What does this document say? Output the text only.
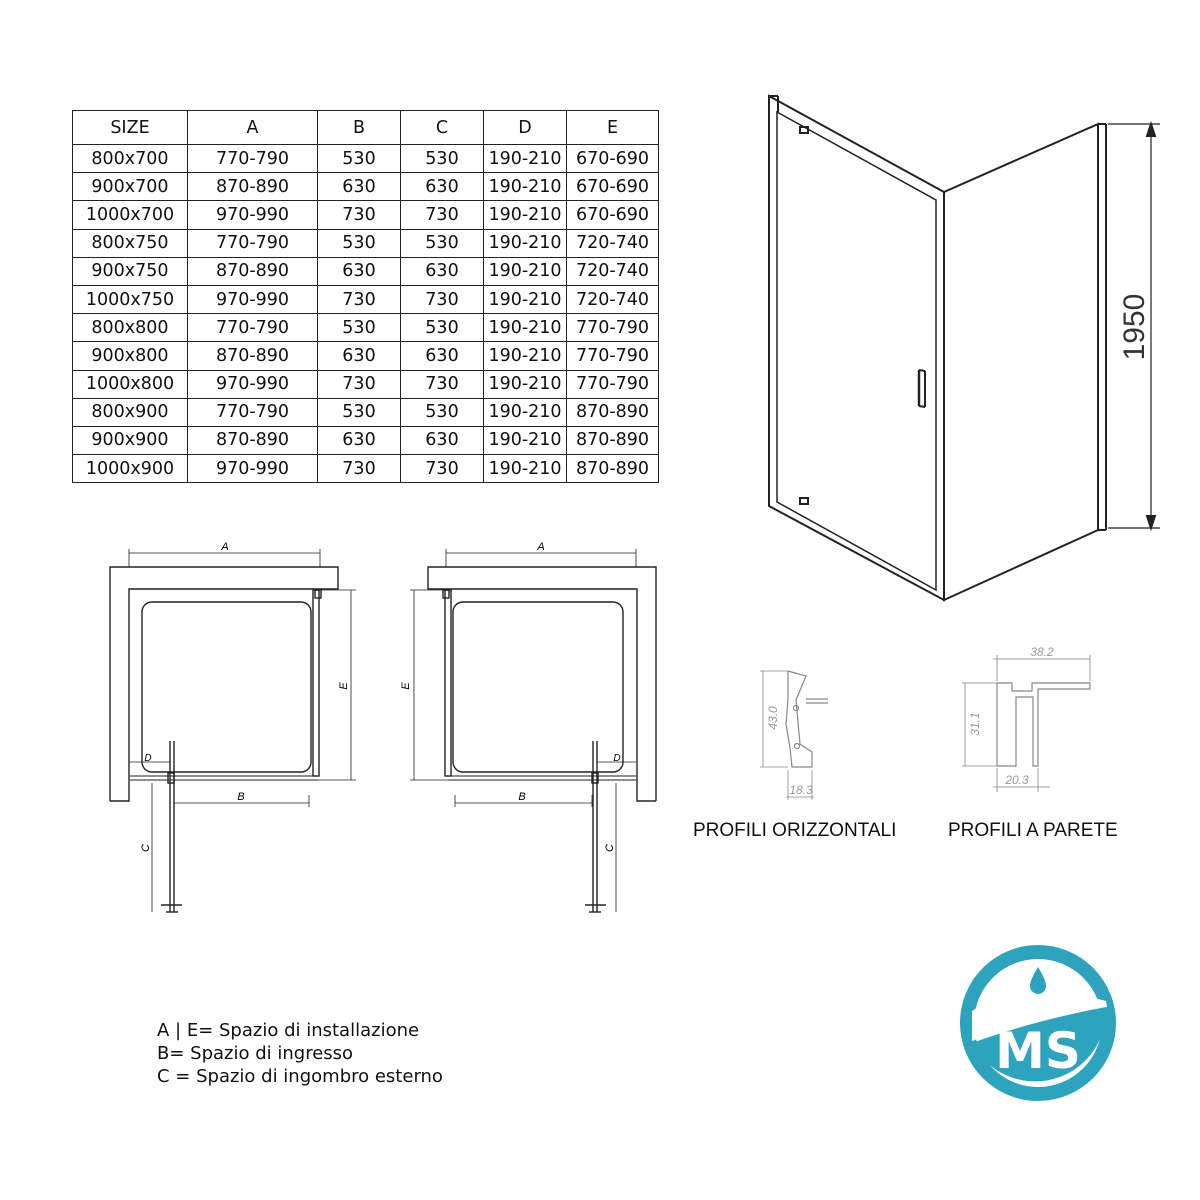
SIZE	A	B	C	D	E
800x700	770-790	530	530	190-210	670-690
900x700	870-890	630	630	190-210	670-690
1000x700	970-990	730	730	190-210	670-690
800x750	770-790	530	530	190-210	720-740
900x750	870-890	630	630	190-210	720-740
1000x750	970-990	730	730	190-210	720-740
800x800	770-790	530	530	190-210	770-790
900x800	870-890	630	630	190-210	770-790
1000x800	970-990	730	730	190-210	770-790
800x900	770-790	530	530	190-210	870-890
900x900	870-890	630	630	190-210	870-890
1000x900	970-990	730	730	190-210	870-890
1950
A
E
D
B
C
A
E
D
B
C
43.0
18.3
38.2
31.1
20.3
PROFILI ORIZZONTALI	PROFILI A PARETE
A | E= Spazio di installazione
B= Spazio di ingresso
C = Spazio di ingombro esterno	MS
